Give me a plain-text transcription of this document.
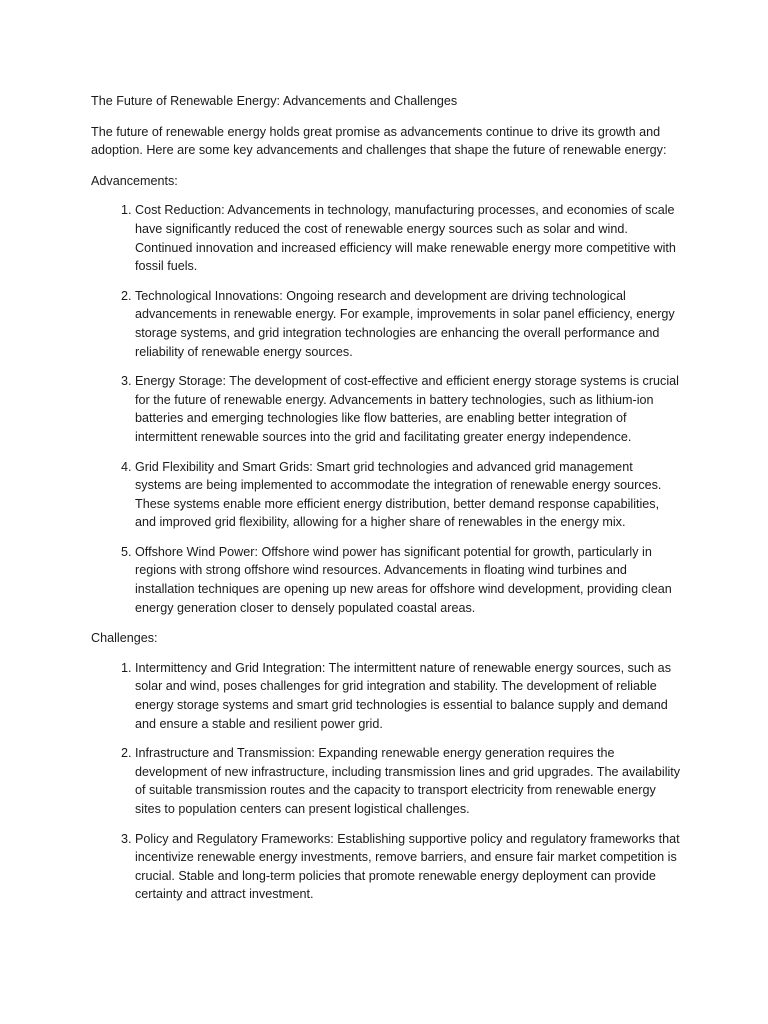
The Future of Renewable Energy: Advancements and Challenges

The future of renewable energy holds great promise as advancements continue to drive its growth and adoption. Here are some key advancements and challenges that shape the future of renewable energy:

Advancements:

1. Cost Reduction: Advancements in technology, manufacturing processes, and economies of scale have significantly reduced the cost of renewable energy sources such as solar and wind. Continued innovation and increased efficiency will make renewable energy more competitive with fossil fuels.
2. Technological Innovations: Ongoing research and development are driving technological advancements in renewable energy. For example, improvements in solar panel efficiency, energy storage systems, and grid integration technologies are enhancing the overall performance and reliability of renewable energy sources.
3. Energy Storage: The development of cost-effective and efficient energy storage systems is crucial for the future of renewable energy. Advancements in battery technologies, such as lithium-ion batteries and emerging technologies like flow batteries, are enabling better integration of intermittent renewable sources into the grid and facilitating greater energy independence.
4. Grid Flexibility and Smart Grids: Smart grid technologies and advanced grid management systems are being implemented to accommodate the integration of renewable energy sources. These systems enable more efficient energy distribution, better demand response capabilities, and improved grid flexibility, allowing for a higher share of renewables in the energy mix.
5. Offshore Wind Power: Offshore wind power has significant potential for growth, particularly in regions with strong offshore wind resources. Advancements in floating wind turbines and installation techniques are opening up new areas for offshore wind development, providing clean energy generation closer to densely populated coastal areas.

Challenges:

1. Intermittency and Grid Integration: The intermittent nature of renewable energy sources, such as solar and wind, poses challenges for grid integration and stability. The development of reliable energy storage systems and smart grid technologies is essential to balance supply and demand and ensure a stable and resilient power grid.
2. Infrastructure and Transmission: Expanding renewable energy generation requires the development of new infrastructure, including transmission lines and grid upgrades. The availability of suitable transmission routes and the capacity to transport electricity from renewable energy sites to population centers can present logistical challenges.
3. Policy and Regulatory Frameworks: Establishing supportive policy and regulatory frameworks that incentivize renewable energy investments, remove barriers, and ensure fair market competition is crucial. Stable and long-term policies that promote renewable energy deployment can provide certainty and attract investment.
